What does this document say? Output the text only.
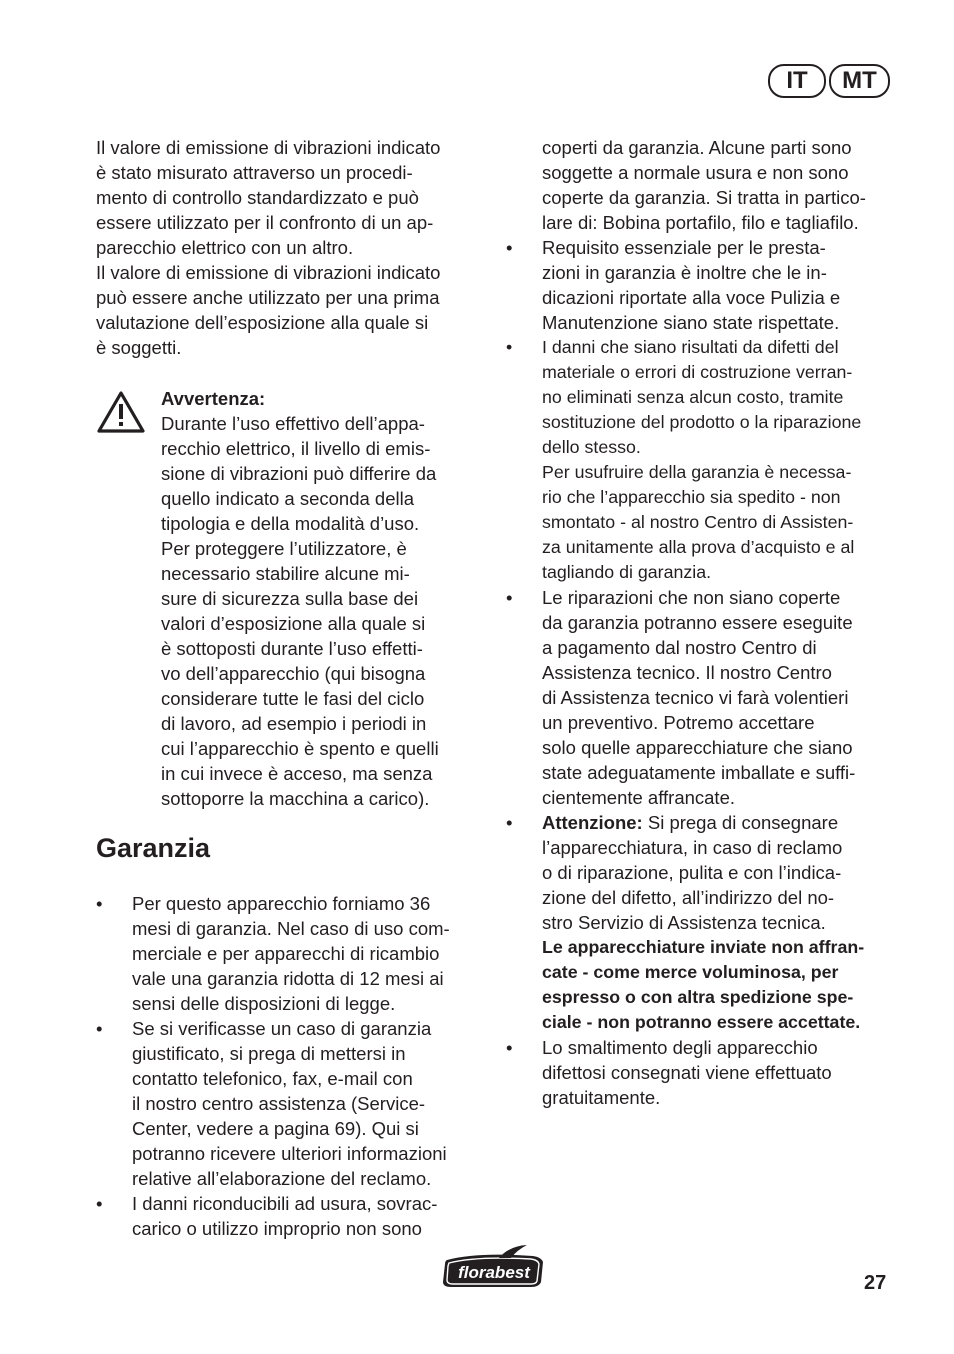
IT	MT
Il valore di emissione di vibrazioni indicato
è stato misurato attraverso un procedi-
mento di controllo standardizzato e può
essere utilizzato per il confronto di un ap-
parecchio elettrico con un altro.
Il valore di emissione di vibrazioni indicato
può essere anche utilizzato per una prima
valutazione dell’esposizione alla quale si
è soggetti.
Avvertenza:
Durante l’uso effettivo dell’appa-
recchio elettrico, il livello di emis-
sione di vibrazioni può differire da
quello indicato a seconda della
tipologia e della modalità d’uso.
Per proteggere l’utilizzatore, è
necessario stabilire alcune mi-
sure di sicurezza sulla base dei
valori d’esposizione alla quale si
è sottoposti durante l’uso effetti-
vo dell’apparecchio (qui bisogna
considerare tutte le fasi del ciclo
di lavoro, ad esempio i periodi in
cui l’apparecchio è spento e quelli
in cui invece è acceso, ma senza
sottoporre la macchina a carico).
Garanzia
• Per questo apparecchio forniamo 36
mesi di garanzia. Nel caso di uso com-
merciale e per apparecchi di ricambio
vale una garanzia ridotta di 12 mesi ai
sensi delle disposizioni di legge.
• Se si verificasse un caso di garanzia
giustificato, si prega di mettersi in
contatto telefonico, fax, e-mail con
il nostro centro assistenza (Service-
Center, vedere a pagina 69). Qui si
potranno ricevere ulteriori informazioni
relative all’elaborazione del reclamo.
• I danni riconducibili ad usura, sovrac-
carico o utilizzo improprio non sono
coperti da garanzia. Alcune parti sono
soggette a normale usura e non sono
coperte da garanzia. Si tratta in partico-
lare di: Bobina portafilo, filo e tagliafilo.
• Requisito essenziale per le presta-
zioni in garanzia è inoltre che le in-
dicazioni riportate alla voce Pulizia e
Manutenzione siano state rispettate.
• I danni che siano risultati da difetti del
materiale o errori di costruzione verran-
no eliminati senza alcun costo, tramite
sostituzione del prodotto o la riparazione
dello stesso.
Per usufruire della garanzia è necessa-
rio che l’apparecchio sia spedito - non
smontato - al nostro Centro di Assisten-
za unitamente alla prova d’acquisto e al
tagliando di garanzia.
• Le riparazioni che non siano coperte
da garanzia potranno essere eseguite
a pagamento dal nostro Centro di
Assistenza tecnico. Il nostro Centro
di Assistenza tecnico vi farà volentieri
un preventivo. Potremo accettare
solo quelle apparecchiature che siano
state adeguatamente imballate e suffi-
cientemente affrancate.
• Attenzione: Si prega di consegnare
l’apparecchiatura, in caso di reclamo
o di riparazione, pulita e con l’indica-
zione del difetto, all’indirizzo del no-
stro Servizio di Assistenza tecnica.
Le apparecchiature inviate non affran-
cate - come merce voluminosa, per
espresso o con altra spedizione spe-
ciale - non potranno essere accettate.
• Lo smaltimento degli apparecchio
difettosi consegnati viene effettuato
gratuitamente.
florabest	27
